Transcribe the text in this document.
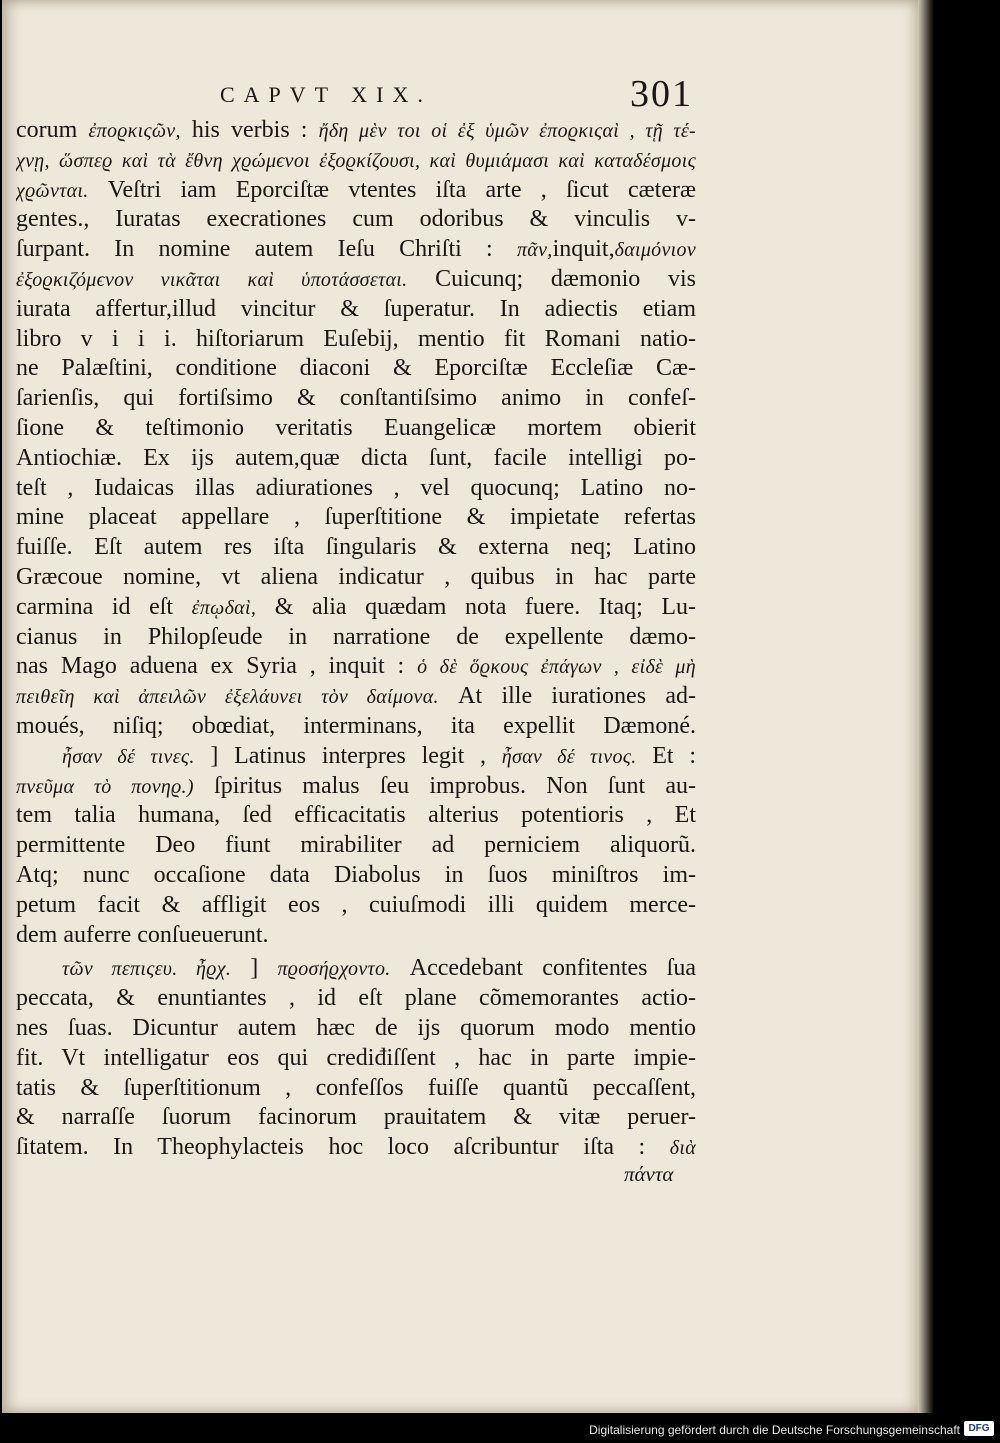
CAPVT XIX.	301
corum ἐποϱκιςῶν, his verbis : ἤδη μὲν τοι οἱ ἐξ ὑμῶν ἐποϱκιςαὶ , τῇ τέ-
χνῃ, ὥσπεϱ καὶ τὰ ἔθνη χϱώμϵνοι ἐξοϱκίζουσι, καὶ θυμιάμασι καὶ καταδέσμοις
χϱῶνται. Veſtri iam Eporciſtæ vtentes iſta arte , ſicut cæteræ
gentes., Iuratas execrationes cum odoribus & vinculis v-
ſurpant. In nomine autem Ieſu Chriſti : πᾶν,inquit,δαιμόνιον
ἐξοϱκιζόμϵνον νικᾶται καὶ ὑποτάσσεται. Cuicunq; dæmonio vis
iurata affertur,illud vincitur & ſuperatur. In adiectis etiam
libro v i i i. hiſtoriarum Euſebij, mentio fit Romani natio-
ne Palæſtini, conditione diaconi & Eporciſtæ Eccleſiæ Cæ-
ſarienſis, qui fortiſsimo & conſtantiſsimo animo in confeſ-
ſione & teſtimonio veritatis Euangelicæ mortem obierit
Antiochiæ. Ex ijs autem,quæ dicta ſunt, facile intelligi po-
teſt , Iudaicas illas adiurationes , vel quocunq; Latino no-
mine placeat appellare , ſuperſtitione & impietate refertas
fuiſſe. Eſt autem res iſta ſingularis & externa neq; Latino
Græcoue nomine, vt aliena indicatur , quibus in hac parte
carmina id eſt ἐπῳδαὶ, & alia quædam nota fuere. Itaq; Lu-
cianus in Philopſeude in narratione de expellente dæmo-
nas Mago aduena ex Syria , inquit : ὁ δὲ ὅϱκους ἐπάγων , εἰδὲ μὴ
πειθεῖη καὶ ἀπειλῶν ἐξελάυνει τὸν δαίμονα. At ille iurationes ad-
moués, niſiq; obœdiat, interminans, ita expellit Dæmoné.
ἦσαν δέ τινες. ] Latinus interpres legit , ἦσαν δέ τινος. Et :
πνεῦμα τὸ πονηϱ.) ſpiritus malus ſeu improbus. Non ſunt au-
tem talia humana, ſed efficacitatis alterius potentioris , Et
permittente Deo fiunt mirabiliter ad perniciem aliquorũ.
Atq; nunc occaſione data Diabolus in ſuos miniſtros im-
petum facit & affligit eos , cuiuſmodi illi quidem merce-
dem auferre conſueuerunt.
τῶν πεπιςευ. ἦϱχ. ] πϱοσήϱχοντο. Accedebant confitentes ſua
peccata, & enuntiantes , id eſt plane cõmemorantes actio-
nes ſuas. Dicuntur autem hæc de ijs quorum modo mentio
fit. Vt intelligatur eos qui crediđiſſent , hac in parte impie-
tatis & ſuperſtitionum , confeſſos fuiſſe quantũ peccaſſent,
& narraſſe ſuorum facinorum prauitatem & vitæ peruer-
ſitatem. In Theophylacteis hoc loco aſcribuntur iſta : διὰ
πάντα
Digitalisierung gefördert durch die Deutsche Forschungsgemeinschaft DFG
